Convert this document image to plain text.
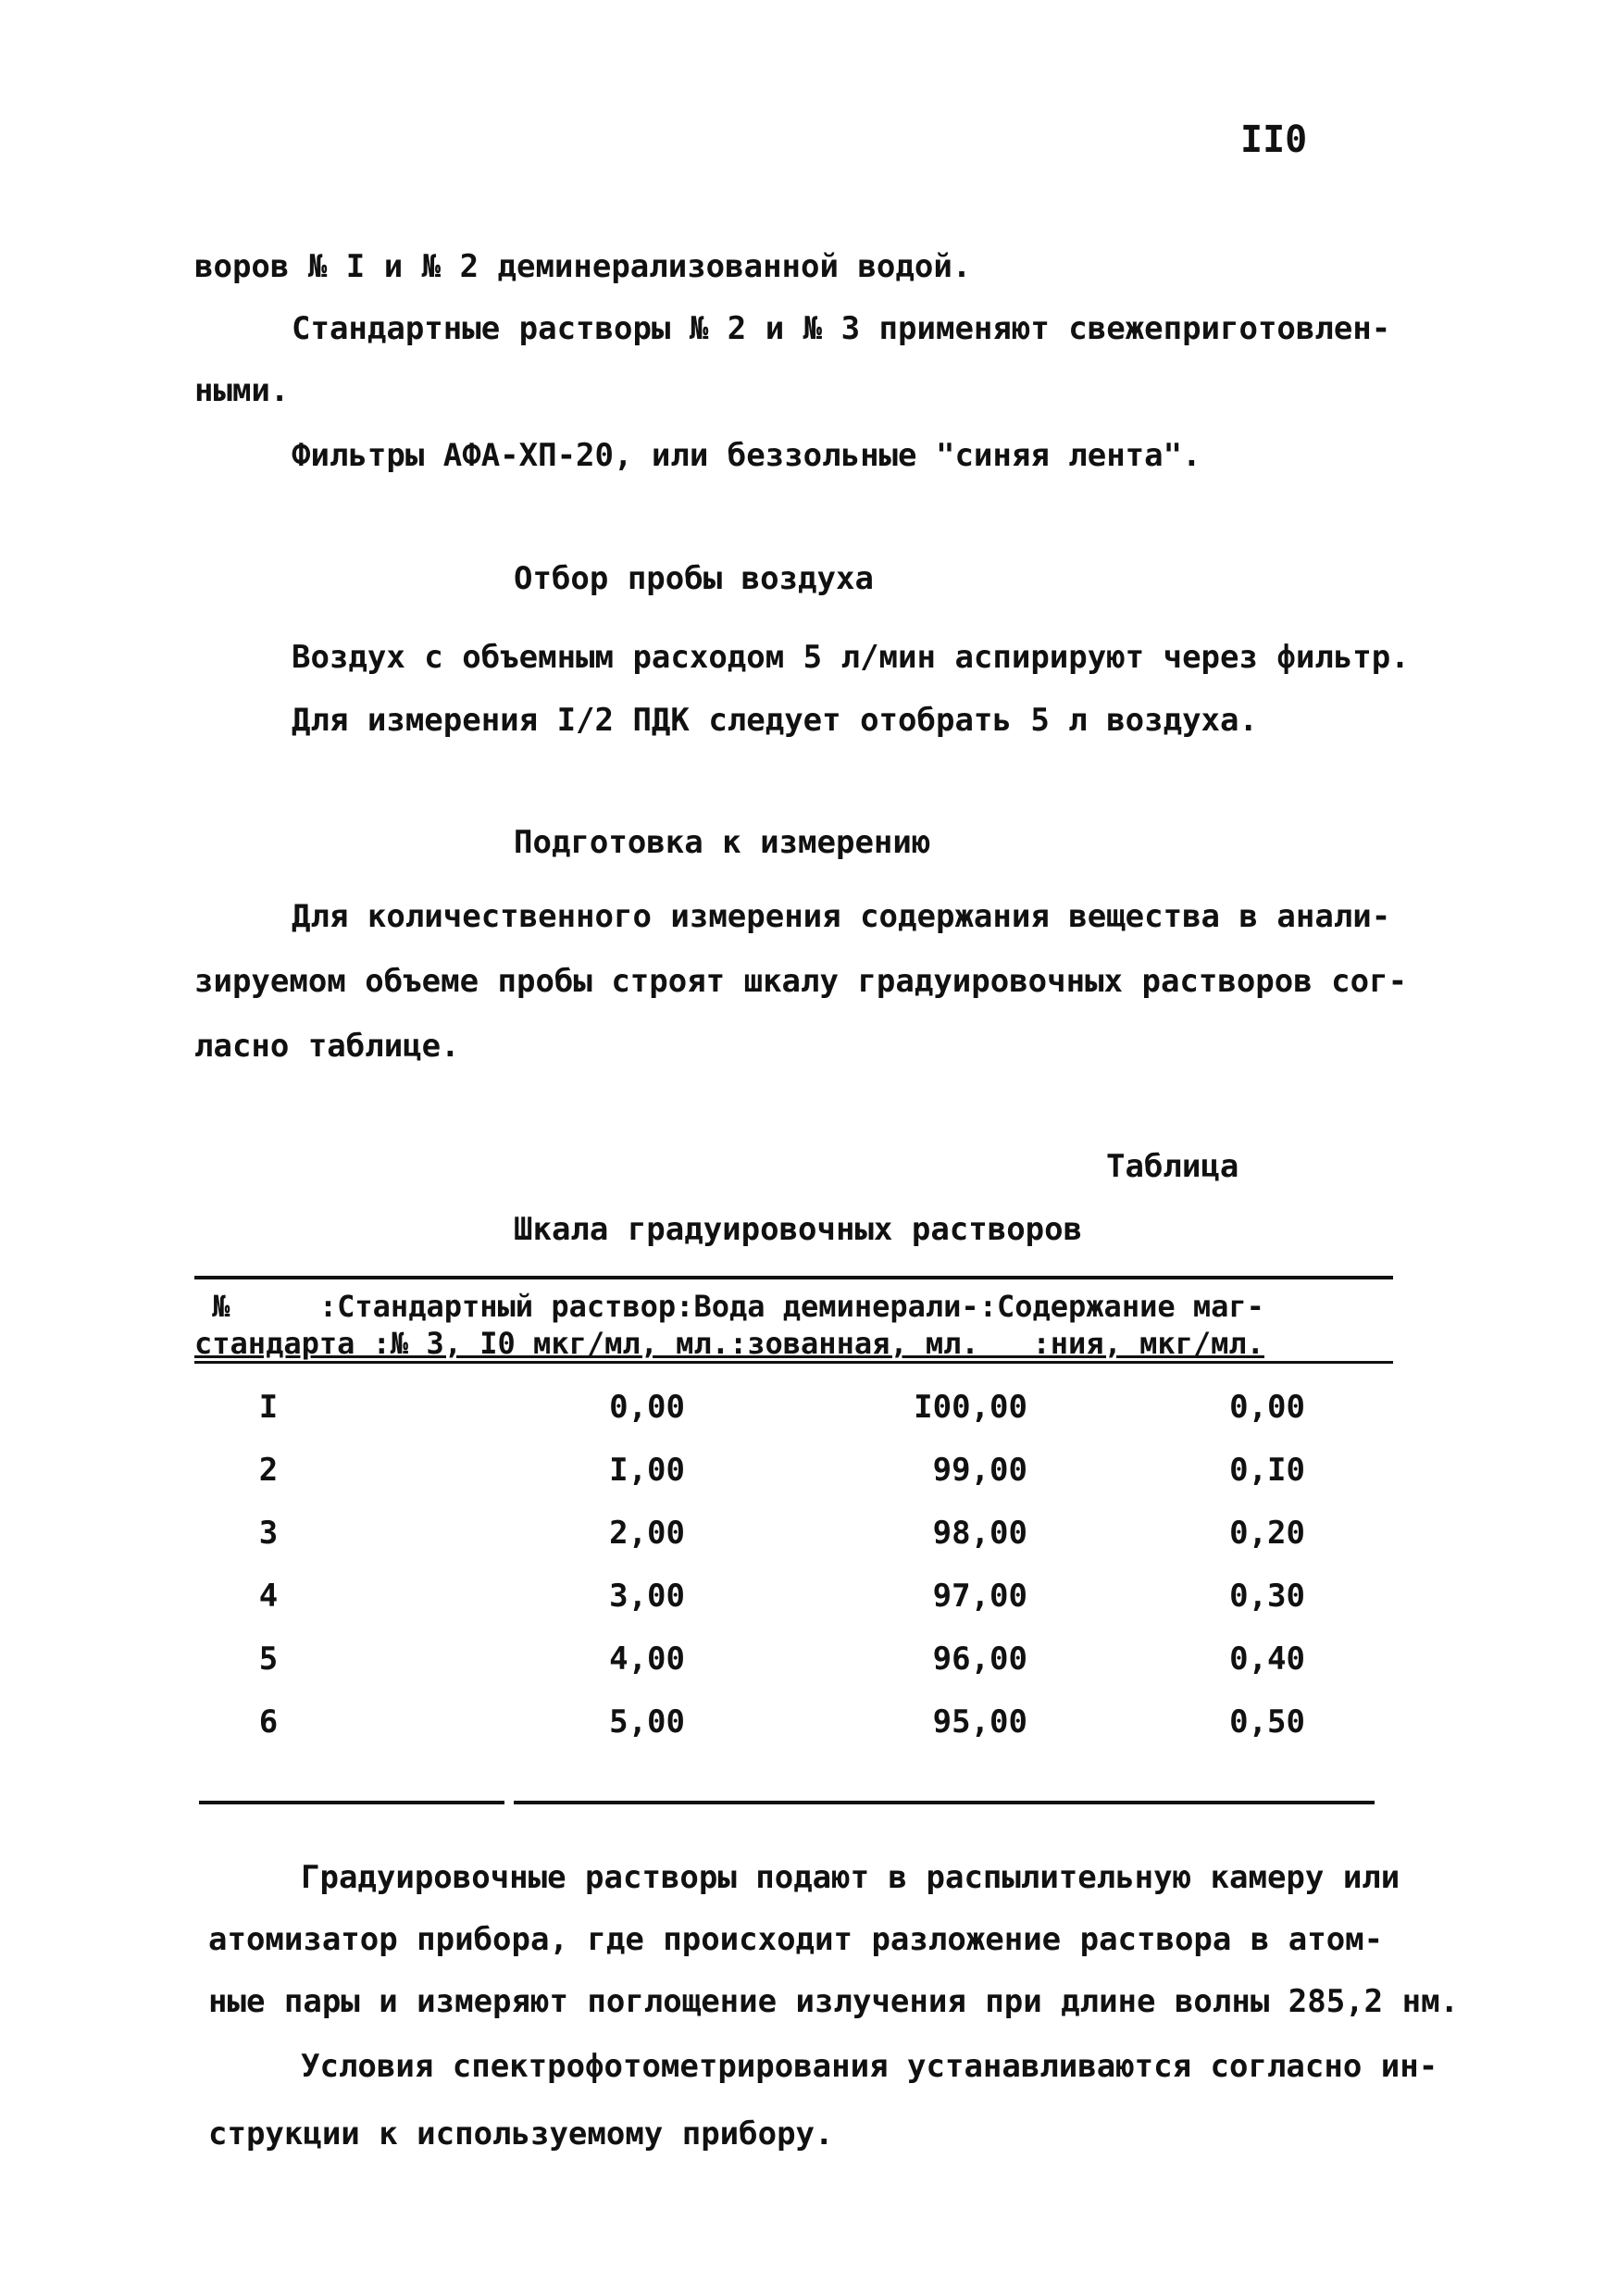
II0
воров № I и № 2 деминерализованной водой.
Стандартные растворы № 2 и № 3 применяют свежеприготовлен-
ными.
Фильтры АФА-ХП-20, или беззольные "синяя лента".
Отбор пробы воздуха
Воздух с объемным расходом 5 л/мин аспирируют через фильтр.
Для измерения I/2 ПДК следует отобрать 5 л воздуха.
Подготовка к измерению
Для количественного измерения содержания вещества в анали-
зируемом объеме пробы строят шкалу градуировочных растворов сог-
ласно таблице.
Таблица
Шкала градуировочных растворов
№     :Стандартный раствор:Вода деминерали-:Содержание маг-
стандарта :№ 3, I0 мкг/мл, мл.:зованная, мл.   :ния, мкг/мл.
I	0,00	I00,00	0,00
2	I,00	99,00	0,I0
3	2,00	98,00	0,20
4	3,00	97,00	0,30
5	4,00	96,00	0,40
6	5,00	95,00	0,50
Градуировочные растворы подают в распылительную камеру или
атомизатор прибора, где происходит разложение раствора в атом-
ные пары и измеряют поглощение излучения при длине волны 285,2 нм.
Условия спектрофотометрирования устанавливаются согласно ин-
струкции к используемому прибору.
